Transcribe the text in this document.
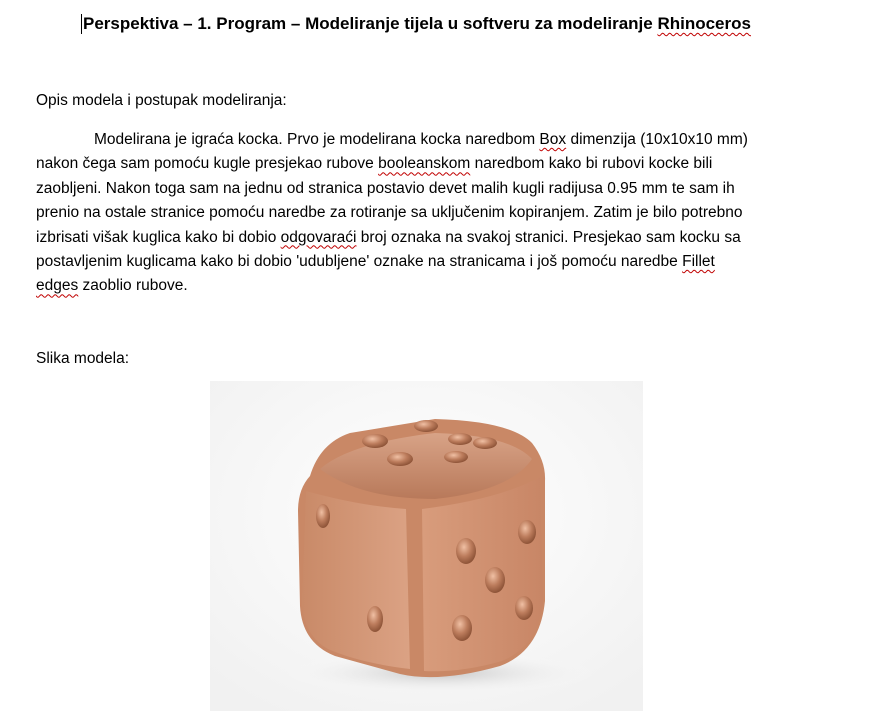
Perspektiva – 1. Program – Modeliranje tijela u softveru za modeliranje Rhinoceros
Opis modela i postupak modeliranja:
Modelirana je igraća kocka. Prvo je modelirana kocka naredbom Box dimenzija (10x10x10 mm)
nakon čega sam pomoću kugle presjekao rubove booleanskom naredbom kako bi rubovi kocke bili
zaobljeni. Nakon toga sam na jednu od stranica postavio devet malih kugli radijusa 0.95 mm te sam ih
prenio na ostale stranice pomoću naredbe za rotiranje sa uključenim kopiranjem. Zatim je bilo potrebno
izbrisati višak kuglica kako bi dobio odgovaraći broj oznaka na svakoj stranici. Presjekao sam kocku sa
postavljenim kuglicama kako bi dobio 'udubljene' oznake na stranicama i još pomoću naredbe Fillet
edges zaoblio rubove.
Slika modela:
